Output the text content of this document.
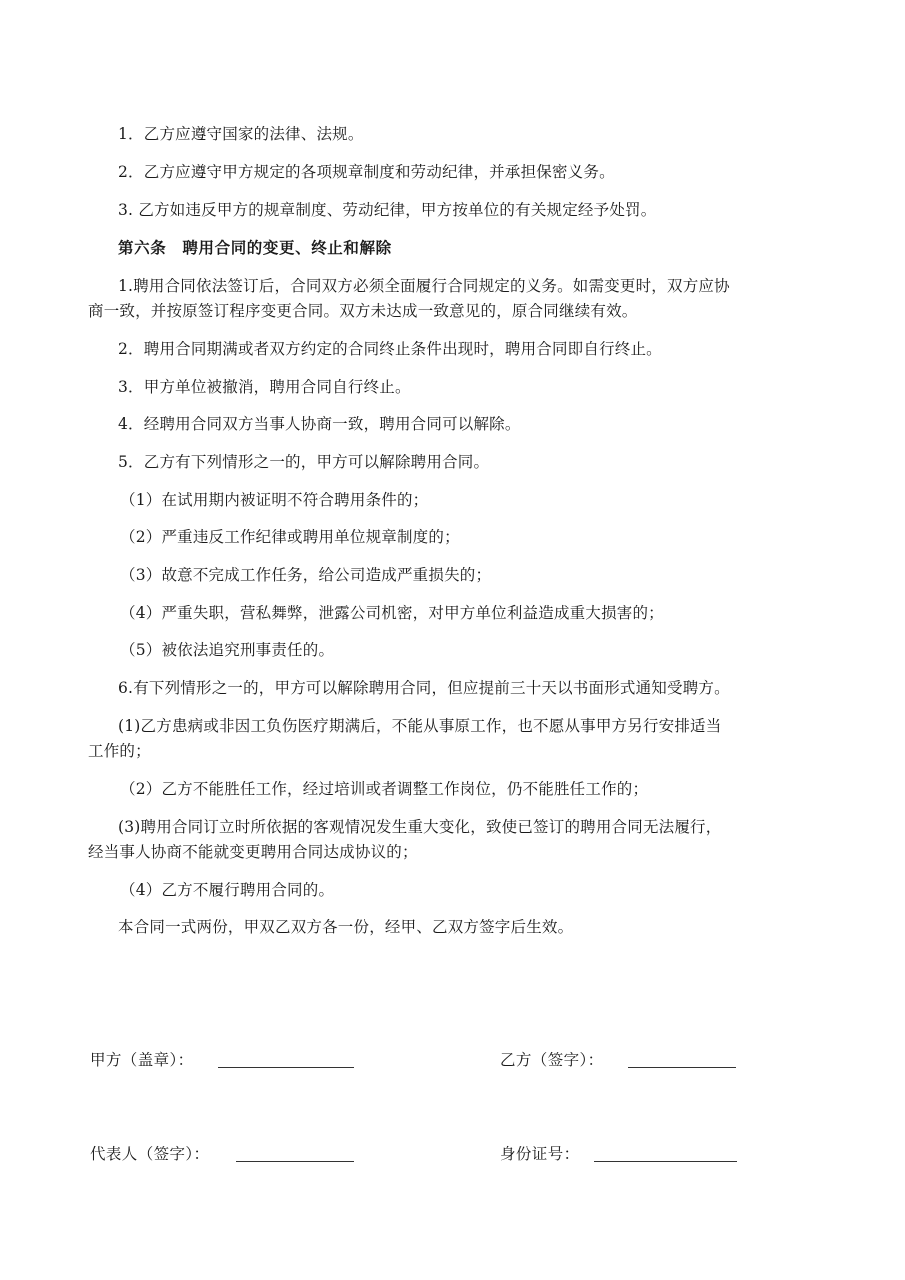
1．乙方应遵守国家的法律、法规。
2．乙方应遵守甲方规定的各项规章制度和劳动纪律，并承担保密义务。
3. 乙方如违反甲方的规章制度、劳动纪律，甲方按单位的有关规定经予处罚。
第六条　聘用合同的变更、终止和解除
1.聘用合同依法签订后，合同双方必须全面履行合同规定的义务。如需变更时，双方应协
商一致，并按原签订程序变更合同。双方未达成一致意见的，原合同继续有效。
2．聘用合同期满或者双方约定的合同终止条件出现时，聘用合同即自行终止。
3．甲方单位被撤消，聘用合同自行终止。
4．经聘用合同双方当事人协商一致，聘用合同可以解除。
5．乙方有下列情形之一的，甲方可以解除聘用合同。
（1）在试用期内被证明不符合聘用条件的；
（2）严重违反工作纪律或聘用单位规章制度的；
（3）故意不完成工作任务，给公司造成严重损失的；
（4）严重失职，营私舞弊，泄露公司机密，对甲方单位利益造成重大损害的；
（5）被依法追究刑事责任的。
6.有下列情形之一的，甲方可以解除聘用合同，但应提前三十天以书面形式通知受聘方。
(1)乙方患病或非因工负伤医疗期满后，不能从事原工作，也不愿从事甲方另行安排适当
工作的；
（2）乙方不能胜任工作，经过培训或者调整工作岗位，仍不能胜任工作的；
(3)聘用合同订立时所依据的客观情况发生重大变化，致使已签订的聘用合同无法履行，
经当事人协商不能就变更聘用合同达成协议的；
（4）乙方不履行聘用合同的。
本合同一式两份，甲双乙双方各一份，经甲、乙双方签字后生效。
甲方（盖章）：	乙方（签字）：
代表人（签字）：	身份证号：
